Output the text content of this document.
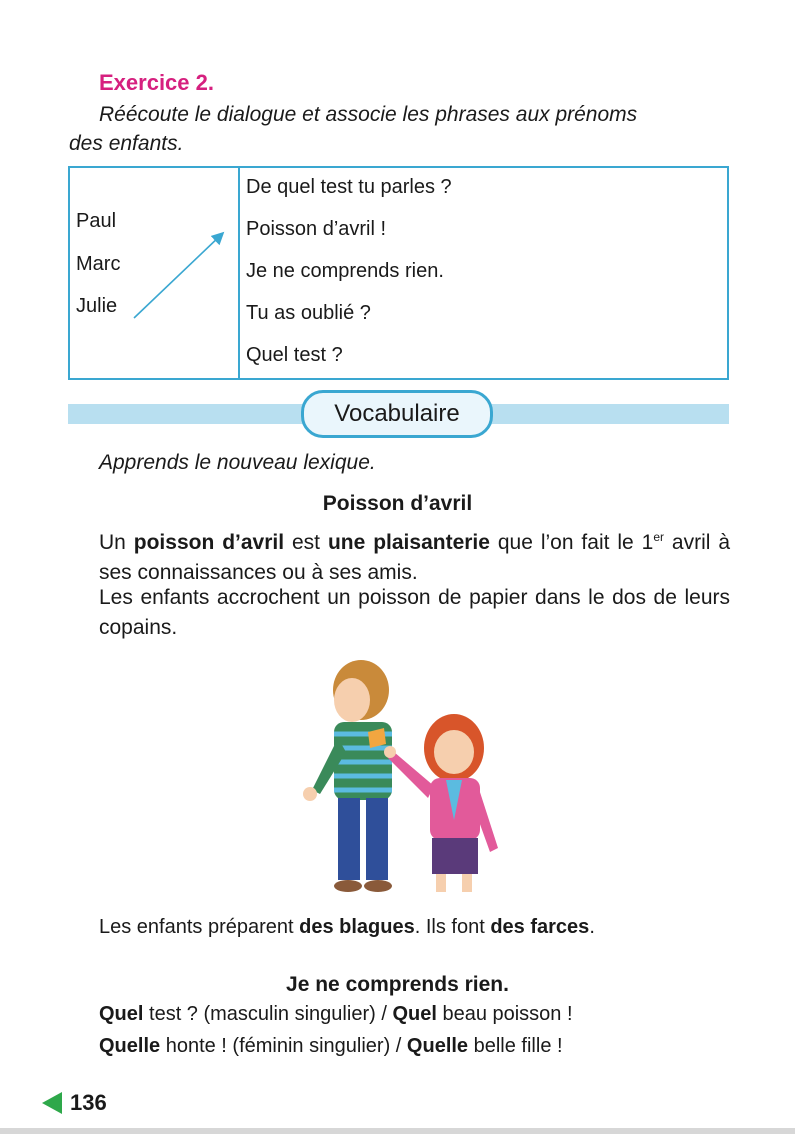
Exercice 2.
Réécoute le dialogue et associe les phrases aux prénoms
des enfants.
Paul
Marc
Julie

De quel test tu parles ?
Poisson d’avril !
Je ne comprends rien.
Tu as oublié ?
Quel test ?
Vocabulaire
Apprends le nouveau lexique.
Poisson d’avril
Un poisson d’avril est une plaisanterie que l’on fait le 1er avril à ses connaissances ou à ses amis.
Les enfants accrochent un poisson de papier dans le dos de leurs copains.
Les enfants préparent des blagues. Ils font des farces.
Je ne comprends rien.
Quel test ? (masculin singulier) / Quel beau poisson !
Quelle honte ! (féminin singulier) / Quelle belle fille !
136
